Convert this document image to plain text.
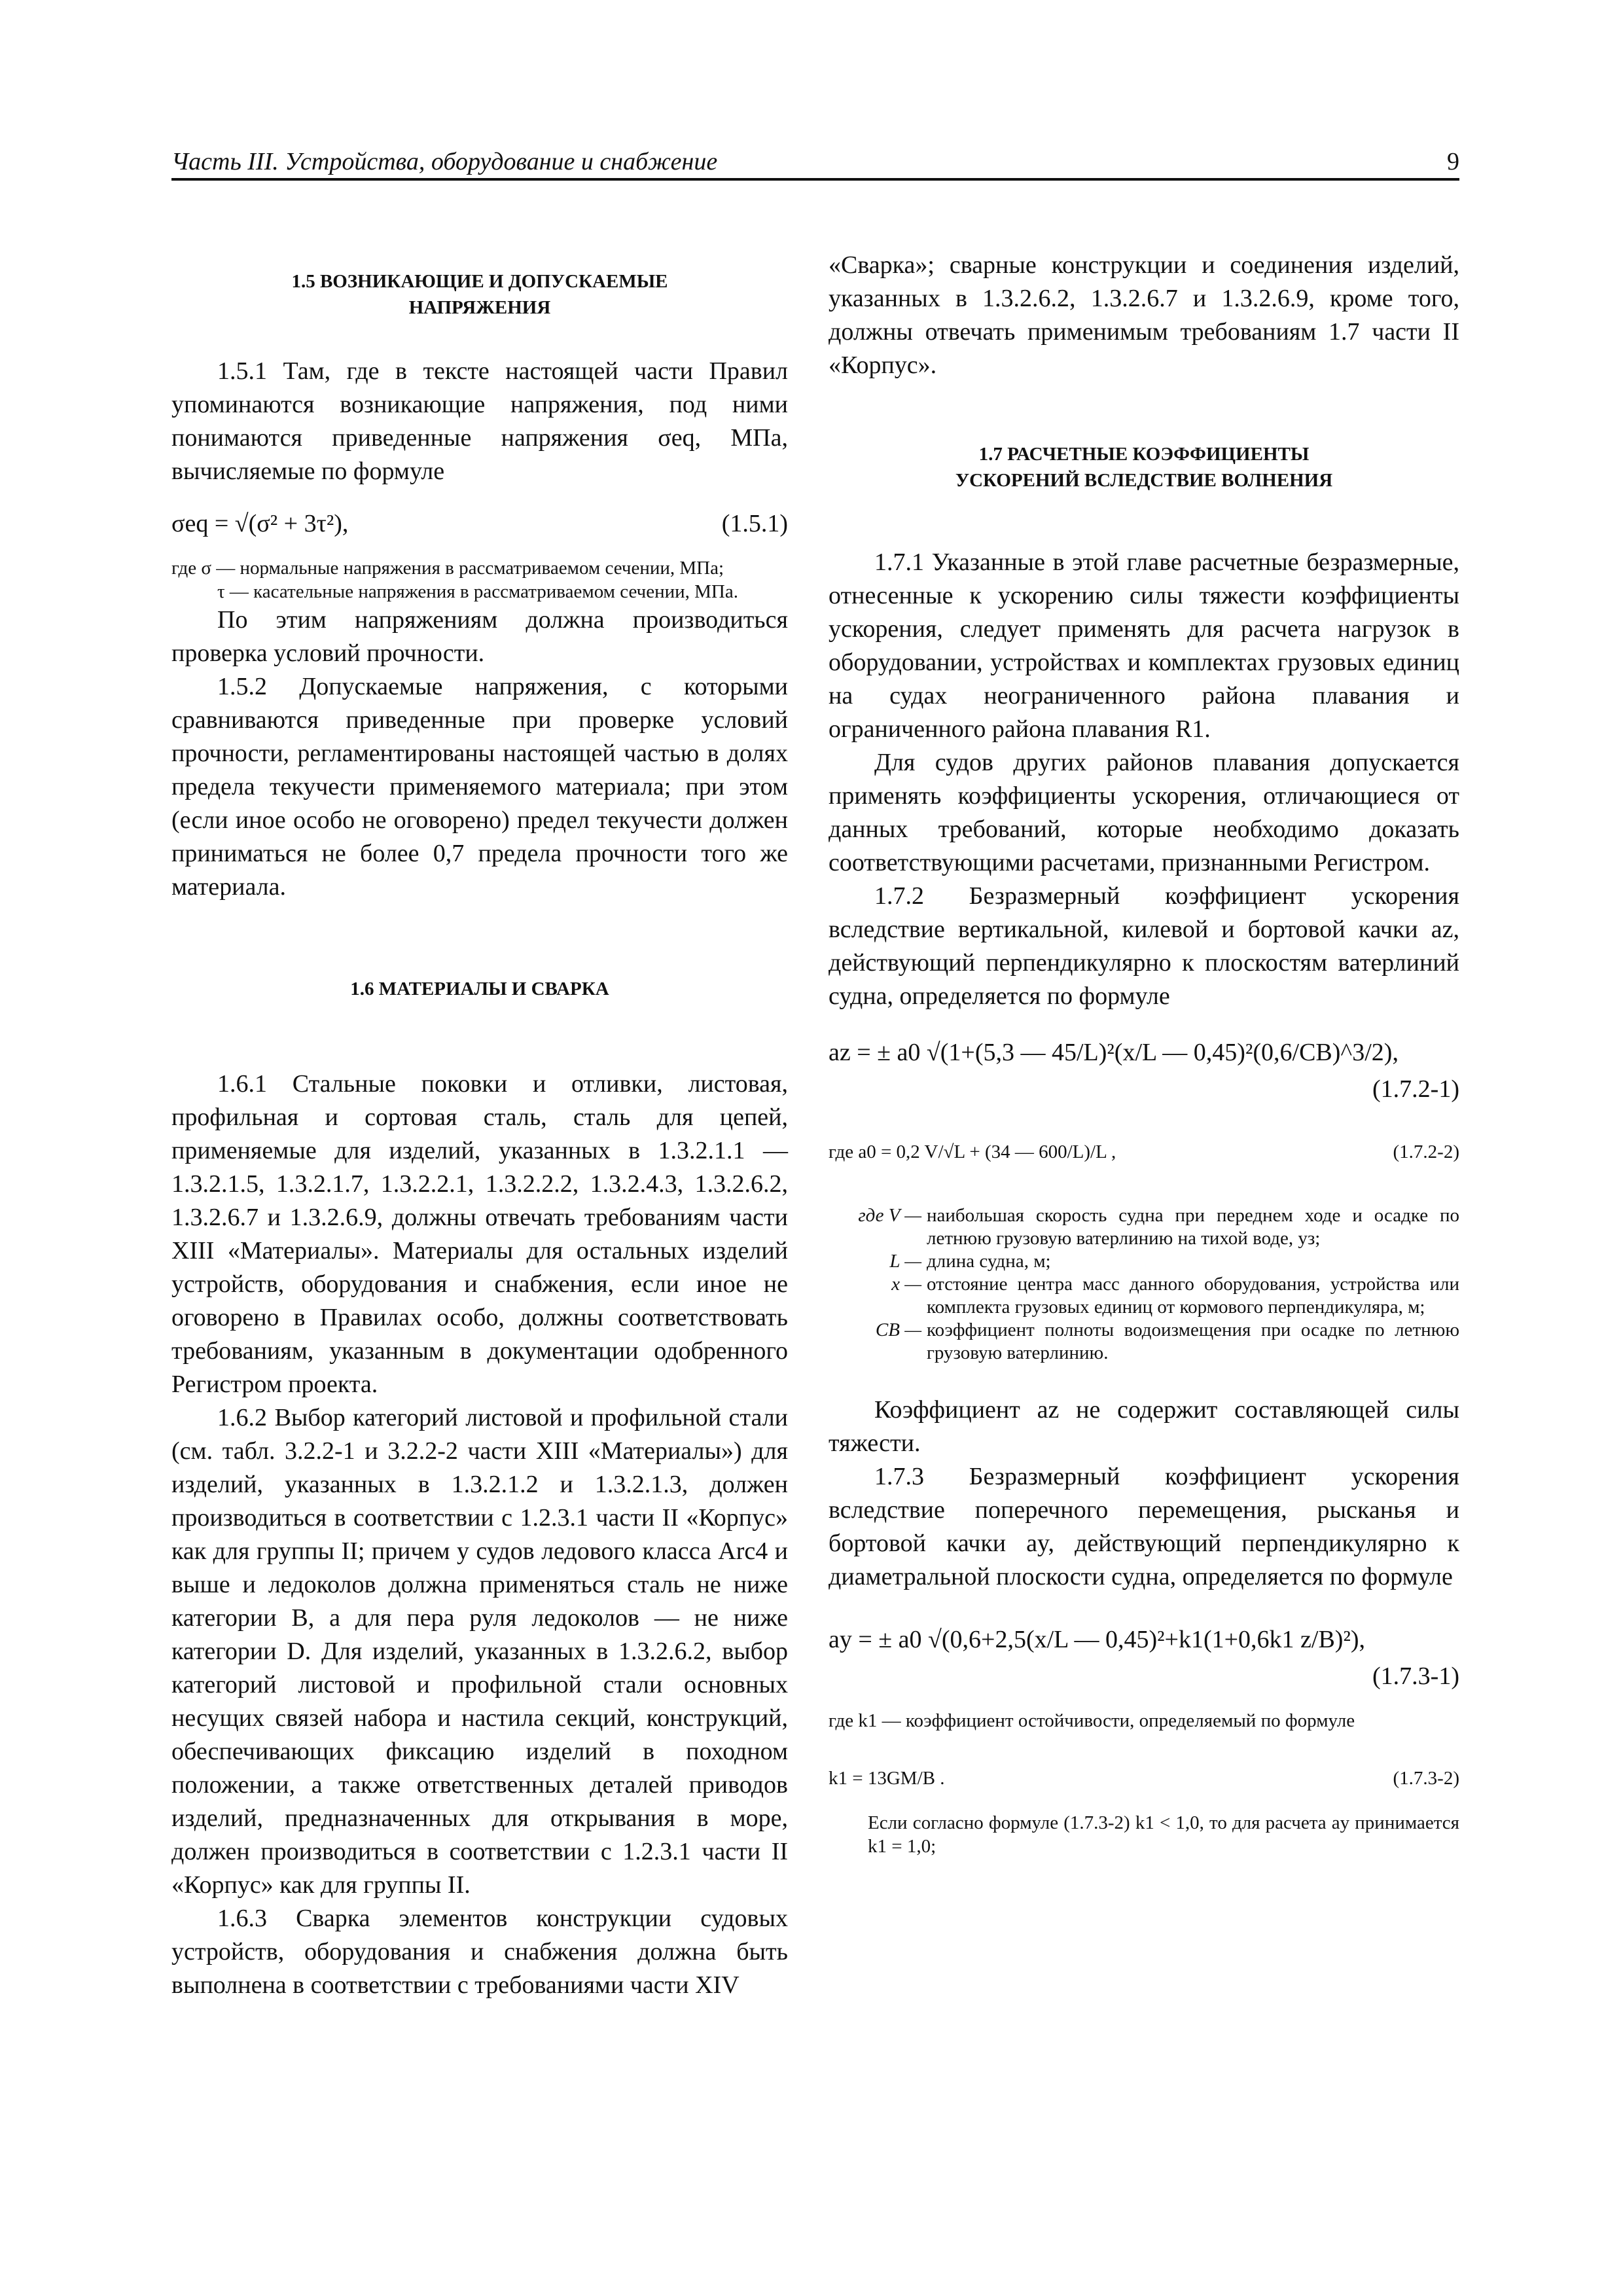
Часть III. Устройства, оборудование и снабжение	9

1.5 ВОЗНИКАЮЩИЕ И ДОПУСКАЕМЫЕ

НАПРЯЖЕНИЯ

1.5.1 Там, где в тексте настоящей части Правил упоминаются возникающие напряжения, под ними понимаются приведенные напряжения σeq, МПа, вычисляемые по формуле

σeq = √(σ² + 3τ²),	(1.5.1)

где σ — нормальные напряжения в рассматриваемом сечении, МПа;

τ — касательные напряжения в рассматриваемом сечении, МПа.

По этим напряжениям должна производиться проверка условий прочности.

1.5.2 Допускаемые напряжения, с которыми сравниваются приведенные при проверке условий прочности, регламентированы настоящей частью в долях предела текучести применяемого материала; при этом (если иное особо не оговорено) предел текучести должен приниматься не более 0,7 предела прочности того же материала.

1.6 МАТЕРИАЛЫ И СВАРКА

1.6.1 Стальные поковки и отливки, листовая, профильная и сортовая сталь, сталь для цепей, применяемые для изделий, указанных в 1.3.2.1.1 — 1.3.2.1.5, 1.3.2.1.7, 1.3.2.2.1, 1.3.2.2.2, 1.3.2.4.3, 1.3.2.6.2, 1.3.2.6.7 и 1.3.2.6.9, должны отвечать требованиям части XIII «Материалы». Материалы для остальных изделий устройств, оборудования и снабжения, если иное не оговорено в Правилах особо, должны соответствовать требованиям, указанным в документации одобренного Регистром проекта.

1.6.2 Выбор категорий листовой и профильной стали (см. табл. 3.2.2-1 и 3.2.2-2 части XIII «Материалы») для изделий, указанных в 1.3.2.1.2 и 1.3.2.1.3, должен производиться в соответствии с 1.2.3.1 части II «Корпус» как для группы II; причем у судов ледового класса Arc4 и выше и ледоколов должна применяться сталь не ниже категории B, а для пера руля ледоколов — не ниже категории D. Для изделий, указанных в 1.3.2.6.2, выбор категорий листовой и профильной стали основных несущих связей набора и настила секций, конструкций, обеспечивающих фиксацию изделий в походном положении, а также ответственных деталей приводов изделий, предназначенных для открывания в море, должен производиться в соответствии с 1.2.3.1 части II «Корпус» как для группы II.

1.6.3 Сварка элементов конструкции судовых устройств, оборудования и снабжения должна быть выполнена в соответствии с требованиями части XIV

«Сварка»; сварные конструкции и соединения изделий, указанных в 1.3.2.6.2, 1.3.2.6.7 и 1.3.2.6.9, кроме того, должны отвечать применимым требованиям 1.7 части II «Корпус».

1.7 РАСЧЕТНЫЕ КОЭФФИЦИЕНТЫ

УСКОРЕНИЙ ВСЛЕДСТВИЕ ВОЛНЕНИЯ

1.7.1 Указанные в этой главе расчетные безразмерные, отнесенные к ускорению силы тяжести коэффициенты ускорения, следует применять для расчета нагрузок в оборудовании, устройствах и комплектах грузовых единиц на судах неограниченного района плавания и ограниченного района плавания R1.

Для судов других районов плавания допускается применять коэффициенты ускорения, отличающиеся от данных требований, которые необходимо доказать соответствующими расчетами, признанными Регистром.

1.7.2 Безразмерный коэффициент ускорения вследствие вертикальной, килевой и бортовой качки az, действующий перпендикулярно к плоскостям ватерлиний судна, определяется по формуле

az = ± a0 √(1+(5,3 — 45/L)²(x/L — 0,45)²(0,6/CB)^3/2),
(1.7.2-1)
где a0 = 0,2 V/√L + (34 — 600/L)/L ,	(1.7.2-2)
где V — наибольшая скорость судна при переднем ходе и осадке по летнюю грузовую ватерлинию на тихой воде, уз;
L — длина судна, м;
x — отстояние центра масс данного оборудования, устройства или комплекта грузовых единиц от кормового перпендикуляра, м;
CB — коэффициент полноты водоизмещения при осадке по летнюю грузовую ватерлинию.

Коэффициент az не содержит составляющей силы тяжести.

1.7.3 Безразмерный коэффициент ускорения вследствие поперечного перемещения, рысканья и бортовой качки ay, действующий перпендикулярно к диаметральной плоскости судна, определяется по формуле

ay = ± a0 √(0,6+2,5(x/L — 0,45)²+k1(1+0,6k1 z/B)²),
(1.7.3-1)

где k1 — коэффициент остойчивости, определяемый по формуле

k1 = 13GM/B .	(1.7.3-2)

Если согласно формуле (1.7.3-2) k1 < 1,0, то для расчета ay принимается k1 = 1,0;
